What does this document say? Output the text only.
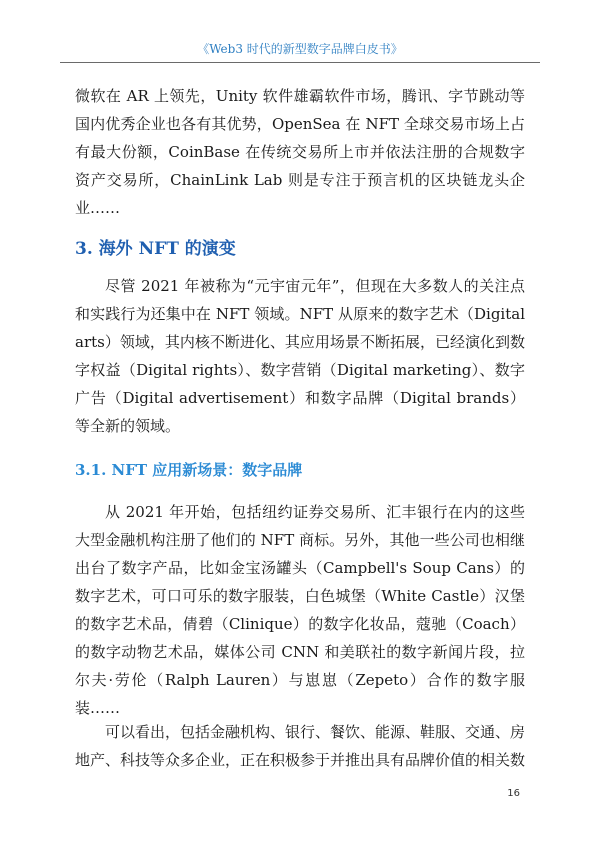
《Web3 时代的新型数字品牌白皮书》

微软在 AR 上领先，Unity 软件雄霸软件市场，腾讯、字节跳动等国内优秀企业也各有其优势，OpenSea 在 NFT 全球交易市场上占有最大份额，CoinBase 在传统交易所上市并依法注册的合规数字资产交易所，ChainLink Lab 则是专注于预言机的区块链龙头企业……

3. 海外 NFT 的演变

尽管 2021 年被称为“元宇宙元年”，但现在大多数人的关注点和实践行为还集中在 NFT 领域。NFT 从原来的数字艺术（Digital arts）领域，其内核不断进化、其应用场景不断拓展，已经演化到数字权益（Digital rights）、数字营销（Digital marketing）、数字广告（Digital advertisement）和数字品牌（Digital brands）等全新的领域。

3.1. NFT 应用新场景：数字品牌

从 2021 年开始，包括纽约证券交易所、汇丰银行在内的这些大型金融机构注册了他们的 NFT 商标。另外，其他一些公司也相继出台了数字产品，比如金宝汤罐头（Campbell's Soup Cans）的数字艺术，可口可乐的数字服装，白色城堡（White Castle）汉堡的数字艺术品，倩碧（Clinique）的数字化妆品，蔻驰（Coach）的数字动物艺术品，媒体公司 CNN 和美联社的数字新闻片段，拉尔夫·劳伦（Ralph Lauren）与崽崽（Zepeto）合作的数字服装……

可以看出，包括金融机构、银行、餐饮、能源、鞋服、交通、房地产、科技等众多企业，正在积极参于并推出具有品牌价值的相关数

16
